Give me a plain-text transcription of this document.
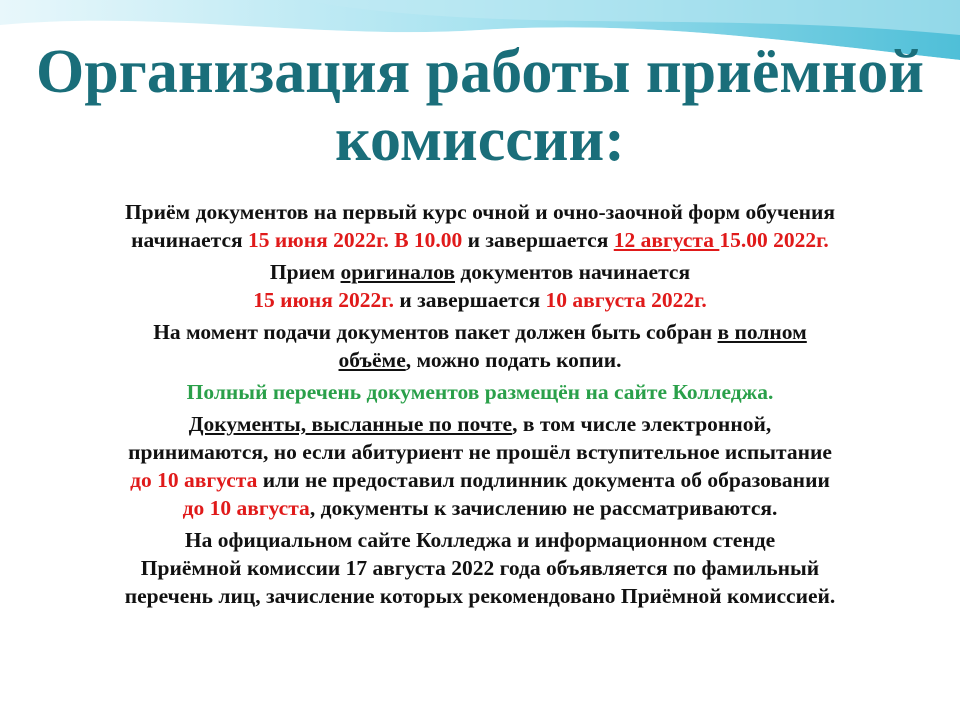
Организация работы приёмной
комиссии:

Приём документов на первый курс очной и очно-заочной форм обучения
начинается 15 июня 2022г. В 10.00 и завершается 12 августа 15.00 2022г.

Прием оригиналов документов начинается
15 июня 2022г. и завершается 10 августа 2022г.

На момент подачи документов пакет должен быть собран в полном
объёме, можно подать копии.

Полный перечень документов размещён на сайте Колледжа.

Документы, высланные по почте, в том числе электронной,
принимаются, но если абитуриент не прошёл вступительное испытание
до 10 августа или не предоставил подлинник документа об образовании
до 10 августа, документы к зачислению не рассматриваются.

На официальном сайте Колледжа и информационном стенде
Приёмной комиссии 17 августа 2022 года объявляется по фамильный
перечень лиц, зачисление которых рекомендовано Приёмной комиссией.
